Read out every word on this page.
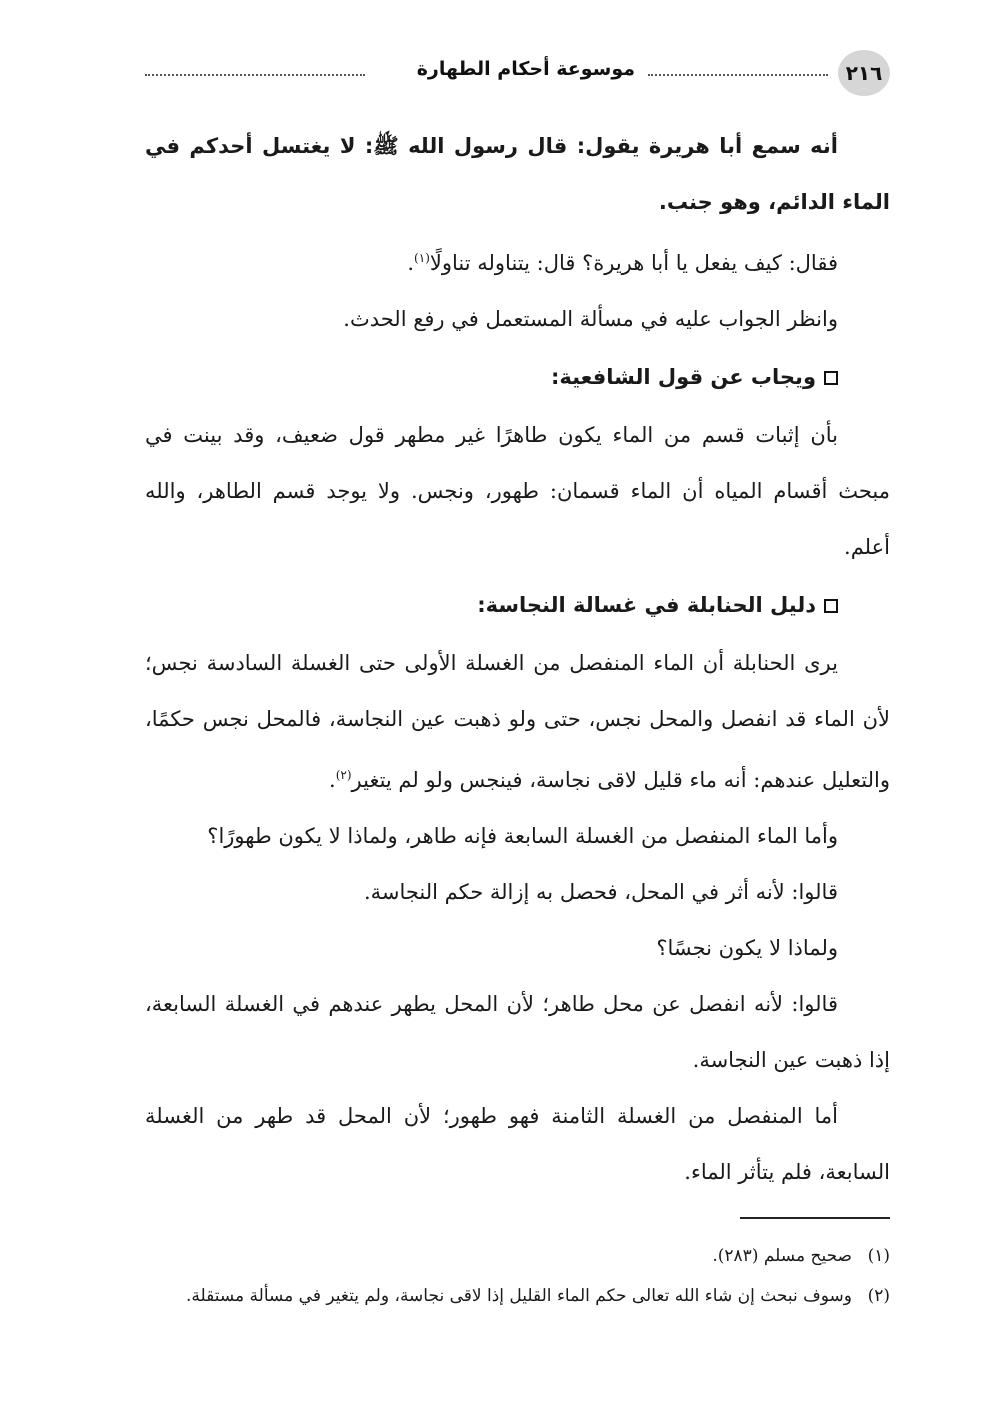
٢١٦
موسوعة أحكام الطهارة

أنه سمع أبا هريرة يقول: قال رسول الله ﷺ: لا يغتسل أحدكم في الماء الدائم، وهو جنب.

فقال: كيف يفعل يا أبا هريرة؟ قال: يتناوله تناولًا$^{(١)}$.

وانظر الجواب عليه في مسألة المستعمل في رفع الحدث.

ويجاب عن قول الشافعية:

بأن إثبات قسم من الماء يكون طاهرًا غير مطهر قول ضعيف، وقد بينت في مبحث أقسام المياه أن الماء قسمان: طهور، ونجس. ولا يوجد قسم الطاهر، والله أعلم.

دليل الحنابلة في غسالة النجاسة:

يرى الحنابلة أن الماء المنفصل من الغسلة الأولى حتى الغسلة السادسة نجس؛ لأن الماء قد انفصل والمحل نجس، حتى ولو ذهبت عين النجاسة، فالمحل نجس حكمًا، والتعليل عندهم: أنه ماء قليل لاقى نجاسة، فينجس ولو لم يتغير$^{(٢)}$.

وأما الماء المنفصل من الغسلة السابعة فإنه طاهر، ولماذا لا يكون طهورًا؟

قالوا: لأنه أثر في المحل، فحصل به إزالة حكم النجاسة.

ولماذا لا يكون نجسًا؟

قالوا: لأنه انفصل عن محل طاهر؛ لأن المحل يطهر عندهم في الغسلة السابعة، إذا ذهبت عين النجاسة.

أما المنفصل من الغسلة الثامنة فهو طهور؛ لأن المحل قد طهر من الغسلة السابعة، فلم يتأثر الماء.

(١)صحيح مسلم (٢٨٣).

(٢)وسوف نبحث إن شاء الله تعالى حكم الماء القليل إذا لاقى نجاسة، ولم يتغير في مسألة مستقلة.
